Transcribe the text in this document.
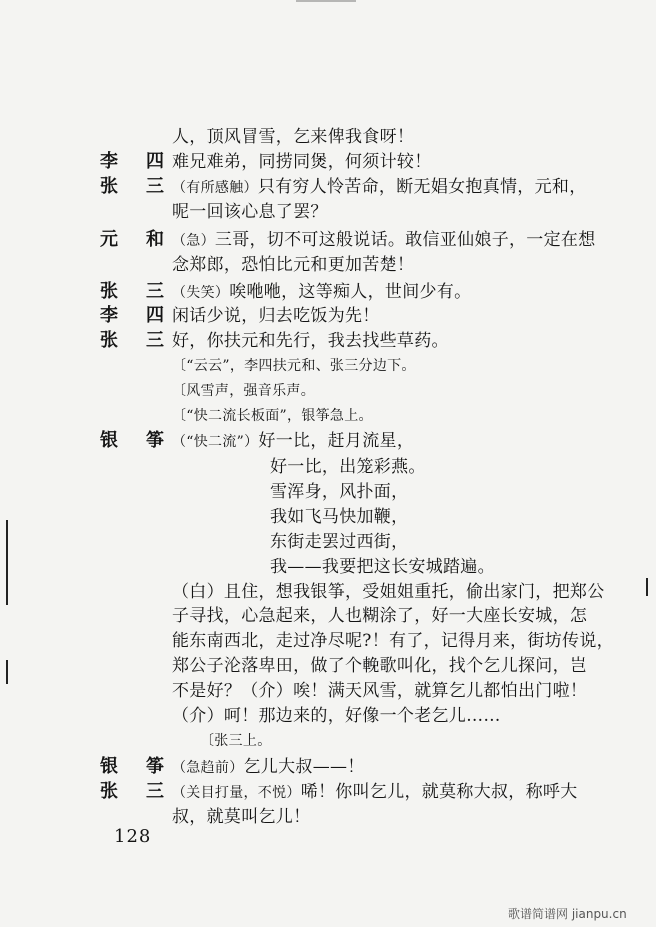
人，顶风冒雪，乞来俾我食呀！
李 四 难兄难弟，同捞同煲，何须计较！
张 三 （有所感触）只有穷人怜苦命，断无娼女抱真情，元和，
呢一回该心息了罢？
元 和 （急）三哥，切不可这般说话。敢信亚仙娘子，一定在想
念郑郎，恐怕比元和更加苦楚！
张 三 （失笑）唉咃咃，这等痴人，世间少有。
李 四 闲话少说，归去吃饭为先！
张 三 好，你扶元和先行，我去找些草药。
〔“云云”，李四扶元和、张三分边下。
〔风雪声，强音乐声。
〔“快二流长板面”，银筝急上。
银 筝 （“快二流”）好一比，赶月流星，
好一比，出笼彩燕。
雪浑身，风扑面，
我如飞马快加鞭，
东街走罢过西街，
我——我要把这长安城踏遍。
（白）且住，想我银筝，受姐姐重托，偷出家门，把郑公
子寻找，心急起来，人也糊涂了，好一大座长安城，怎
能东南西北，走过净尽呢?！有了，记得月来，街坊传说，
郑公子沦落卑田，做了个輓歌叫化，找个乞儿探问，岂
不是好？（介）唉！满天风雪，就算乞儿都怕出门啦！
（介）呵！那边来的，好像一个老乞儿……
〔张三上。
银 筝 （急趋前）乞儿大叔——！
张 三 （关目打量，不悦）唏！你叫乞儿，就莫称大叔，称呼大
叔，就莫叫乞儿！
128
歌谱简谱网 jianpu.cn
